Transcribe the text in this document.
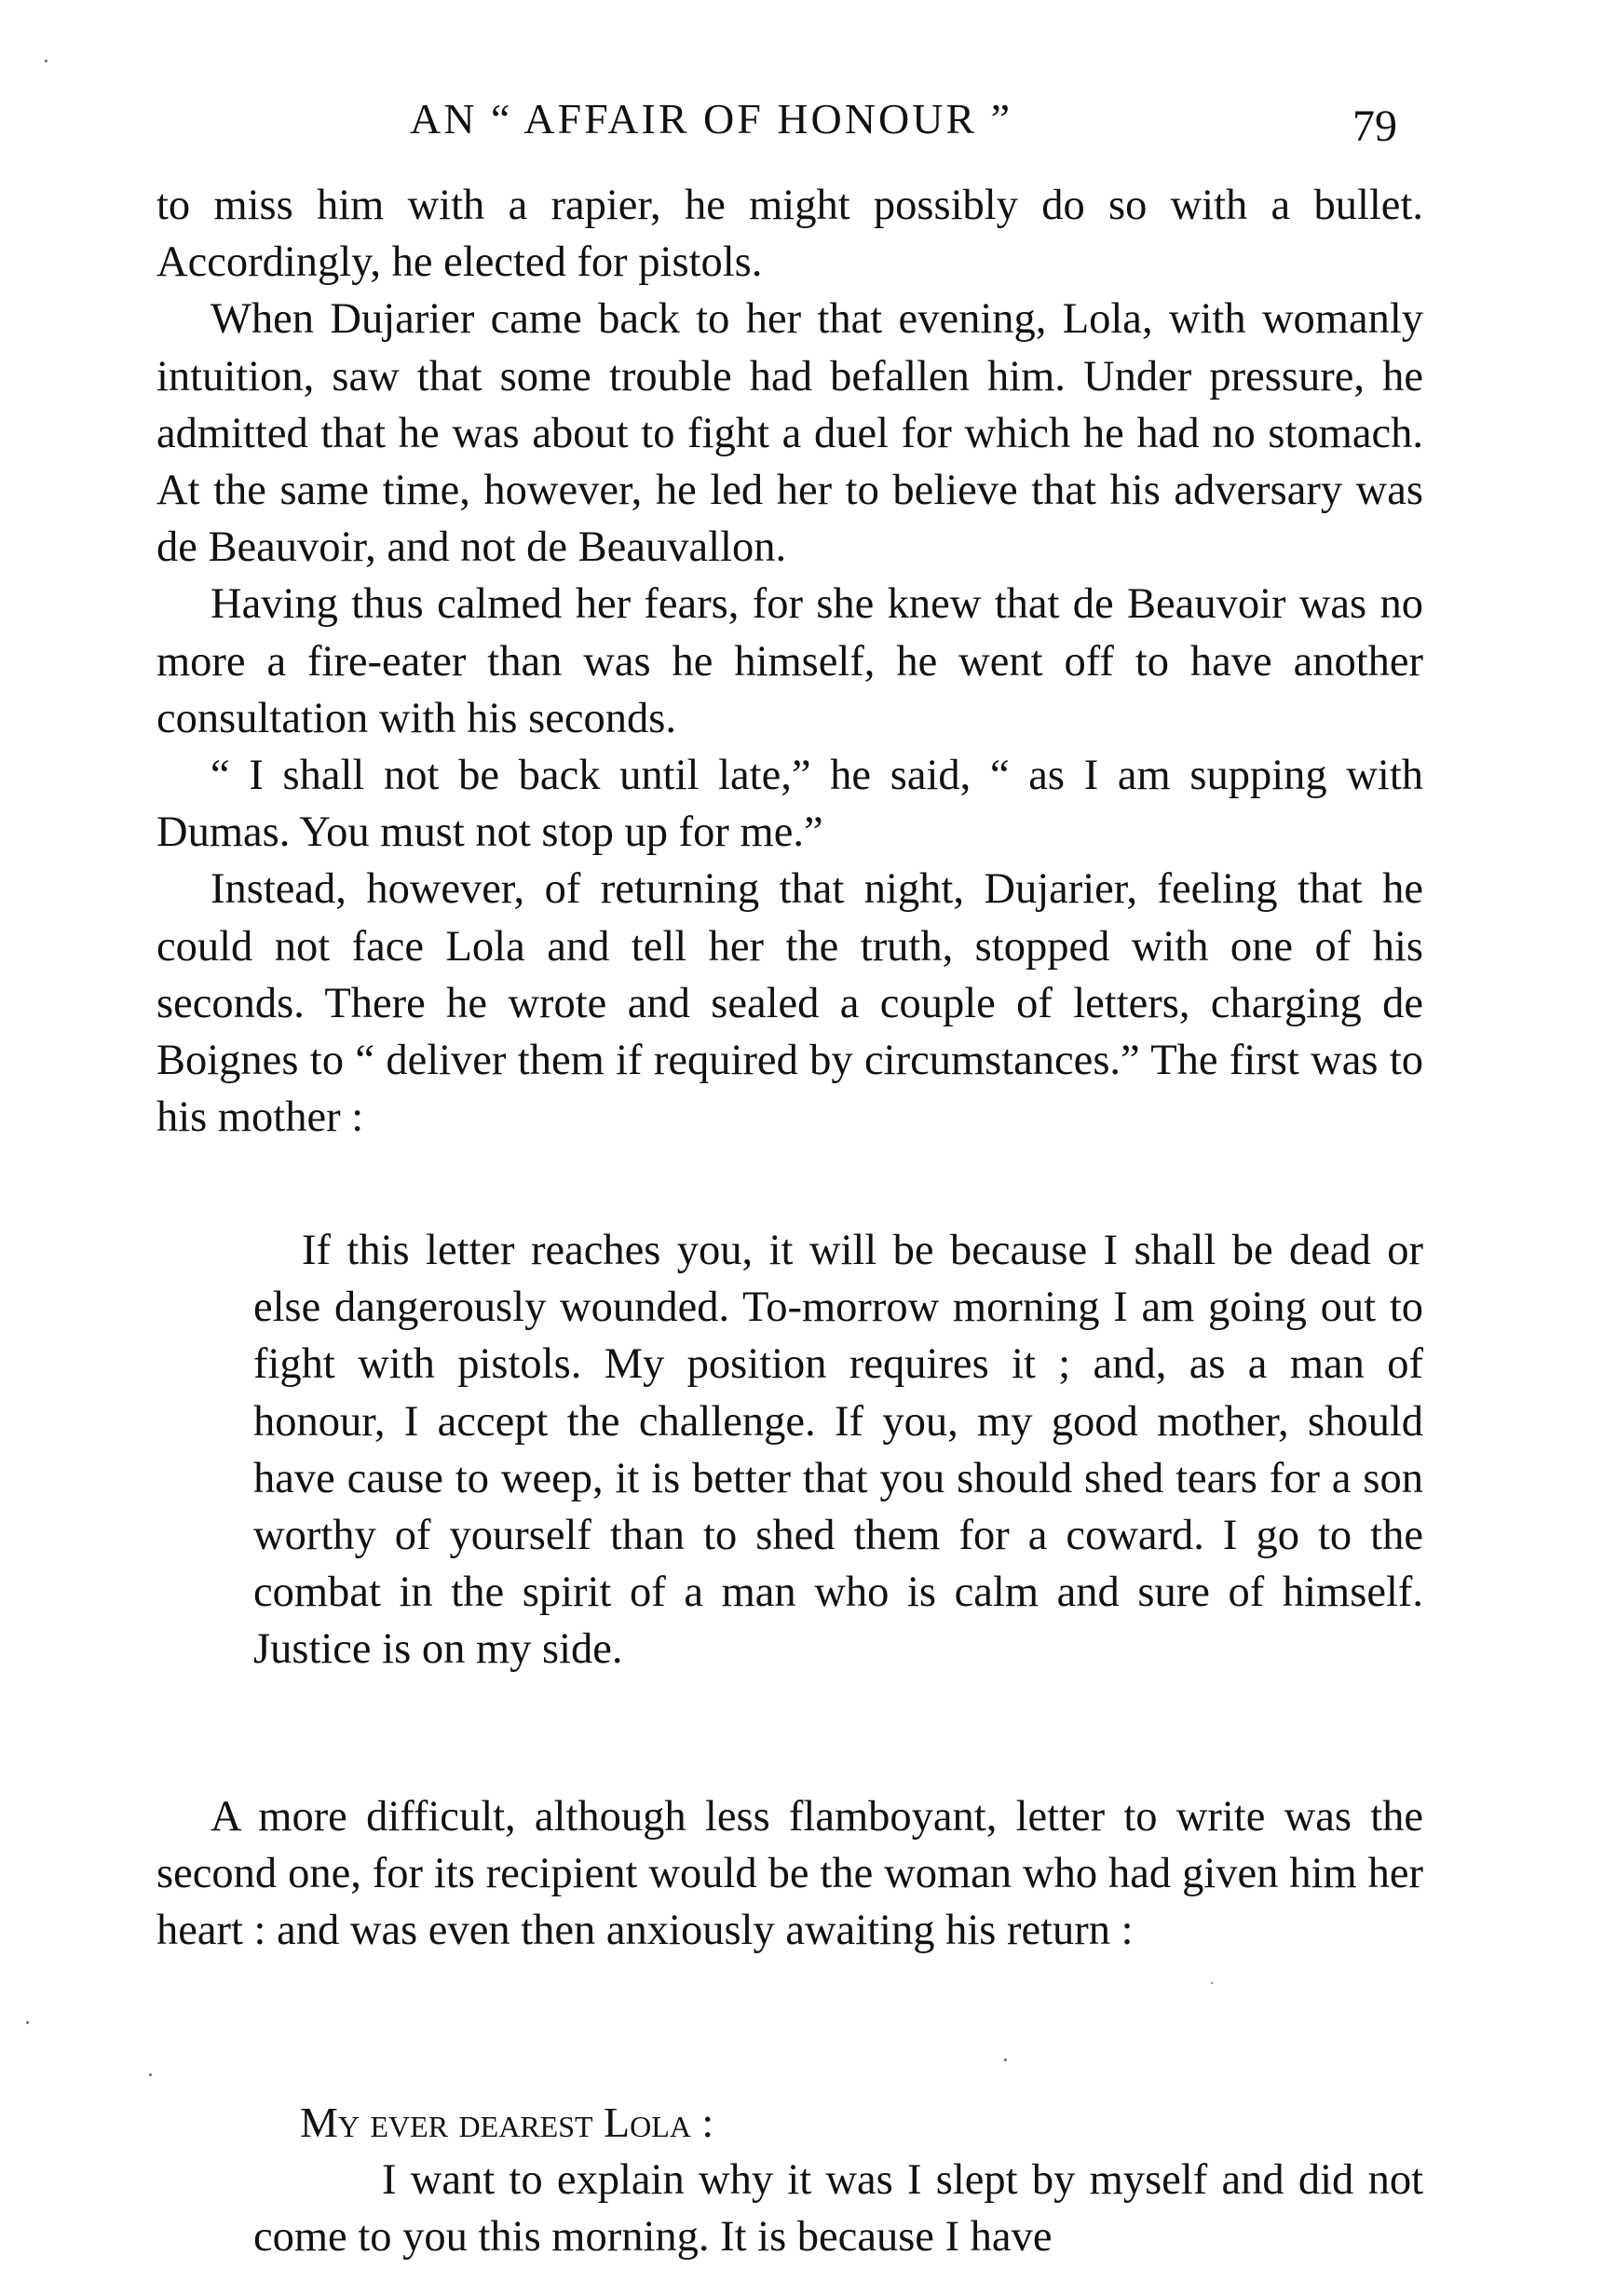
AN “ AFFAIR OF HONOUR ”	79

to miss him with a rapier, he might possibly do so with a bullet. Accordingly, he elected for pistols.

When Dujarier came back to her that evening, Lola, with womanly intuition, saw that some trouble had befallen him. Under pressure, he admitted that he was about to fight a duel for which he had no stomach. At the same time, however, he led her to believe that his adversary was de Beauvoir, and not de Beauvallon.

Having thus calmed her fears, for she knew that de Beauvoir was no more a fire-eater than was he himself, he went off to have another consultation with his seconds.

“ I shall not be back until late,” he said, “ as I am supping with Dumas. You must not stop up for me.”

Instead, however, of returning that night, Dujarier, feeling that he could not face Lola and tell her the truth, stopped with one of his seconds. There he wrote and sealed a couple of letters, charging de Boignes to “ deliver them if required by circumstances.” The first was to his mother :

If this letter reaches you, it will be because I shall be dead or else dangerously wounded. To-morrow morning I am going out to fight with pistols. My position requires it ; and, as a man of honour, I accept the challenge. If you, my good mother, should have cause to weep, it is better that you should shed tears for a son worthy of yourself than to shed them for a coward. I go to the combat in the spirit of a man who is calm and sure of himself. Justice is on my side.

A more difficult, although less flamboyant, letter to write was the second one, for its recipient would be the woman who had given him her heart : and was even then anxiously awaiting his return :

My ever dearest Lola :

I want to explain why it was I slept by myself and did not come to you this morning. It is because I have
